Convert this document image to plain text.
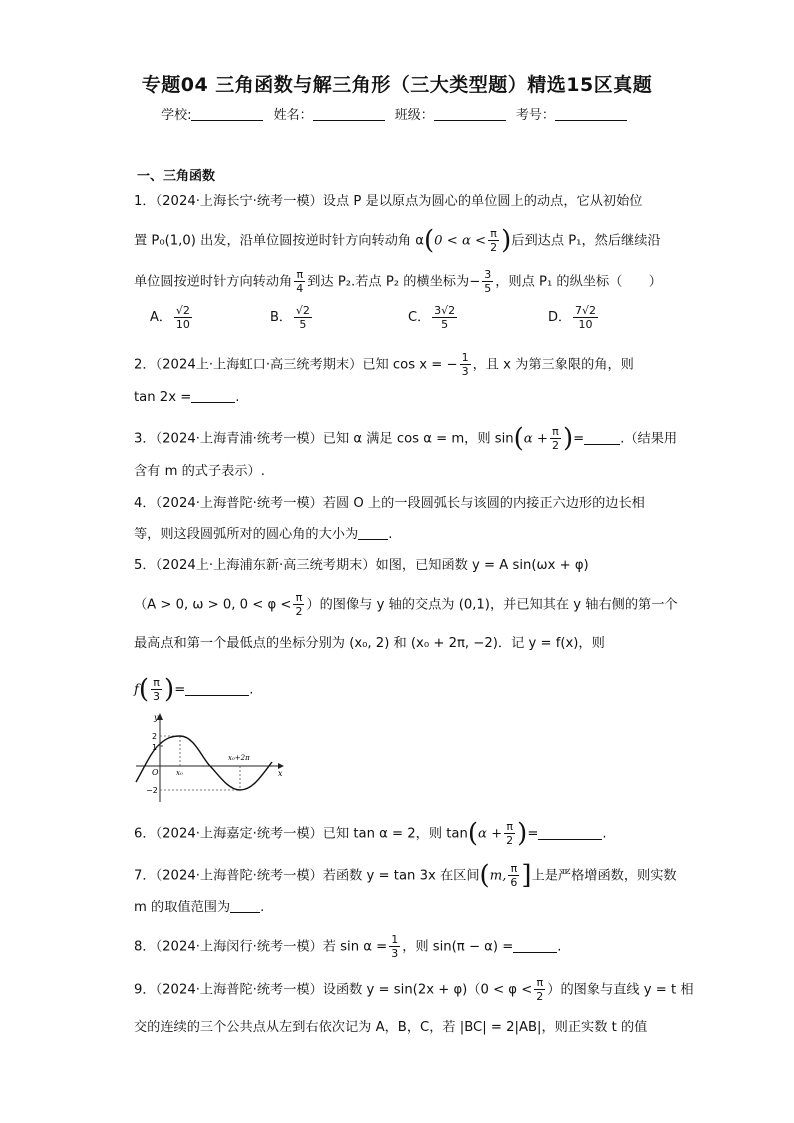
专题04 三角函数与解三角形（三大类型题）精选15区真题
学校:	姓名：	班级：	考号：
一、三角函数
1．（2024·上海长宁·统考一模）设点 P 是以原点为圆心的单位圆上的动点，它从初始位
置 P₀(1,0) 出发，沿单位圆按逆时针方向转动角 $\alpha(0 < \alpha < \frac{\pi}{2}$ )后到达点 P₁，然后继续沿
单位圆按逆时针方向转动角 $\frac{\pi}{4}$ 到达 P₂.若点 P₂ 的横坐标为− $\frac{3}{5}$ ，则点 P₁ 的纵坐标（　　）
A． $\frac{√2}{10}$	B． $\frac{√2}{5}$	C． $\frac{3√2}{5}$	D． $\frac{7√2}{10}$
2．（2024上·上海虹口·高三统考期末）已知 cos x = − $\frac{1}{3}$ ，且 x 为第三象限的角，则
tan 2x =	.
3．（2024·上海青浦·统考一模）已知 α 满足 cos α = m，则 $\sin(\alpha + \frac{\pi}{2}$ )=	.（结果用
含有 m 的式子表示）.
4．（2024·上海普陀·统考一模）若圆 O 上的一段圆弧长与该圆的内接正六边形的边长相
等，则这段圆弧所对的圆心角的大小为 .
5．（2024上·上海浦东新·高三统考期末）如图，已知函数 y = A sin(ωx + φ)
（A > 0, ω > 0, $0 < \varphi < \frac{\pi}{2}$ ）的图像与 y 轴的交点为 (0,1)，并已知其在 y 轴右侧的第一个
最高点和第一个最低点的坐标分别为 (x₀, 2) 和 (x₀ + 2π, −2)．记 y = f(x)，则
$f( \frac{\pi}{3}$ )=	.
y
x
O
2
1
−2
x₀
x₀+2π
6．（2024·上海嘉定·统考一模）已知 tan α = 2，则 $\tan(\alpha + \frac{\pi}{2}$ )=	.
7．（2024·上海普陀·统考一模）若函数 y = tan 3x 在区间(m, $\frac{\pi}{6}$ ]上是严格增函数，则实数
m 的取值范围为 .
8．（2024·上海闵行·统考一模）若 $\sin \alpha = \frac{1}{3}$ ，则 sin(π − α) =	.
9．（2024·上海普陀·统考一模）设函数 $y = \sin(2x + \varphi)(0 < \varphi < \frac{\pi}{2}$ ）的图象与直线 y = t 相
交的连续的三个公共点从左到右依次记为 A，B，C，若 |BC| = 2|AB|，则正实数 t 的值
